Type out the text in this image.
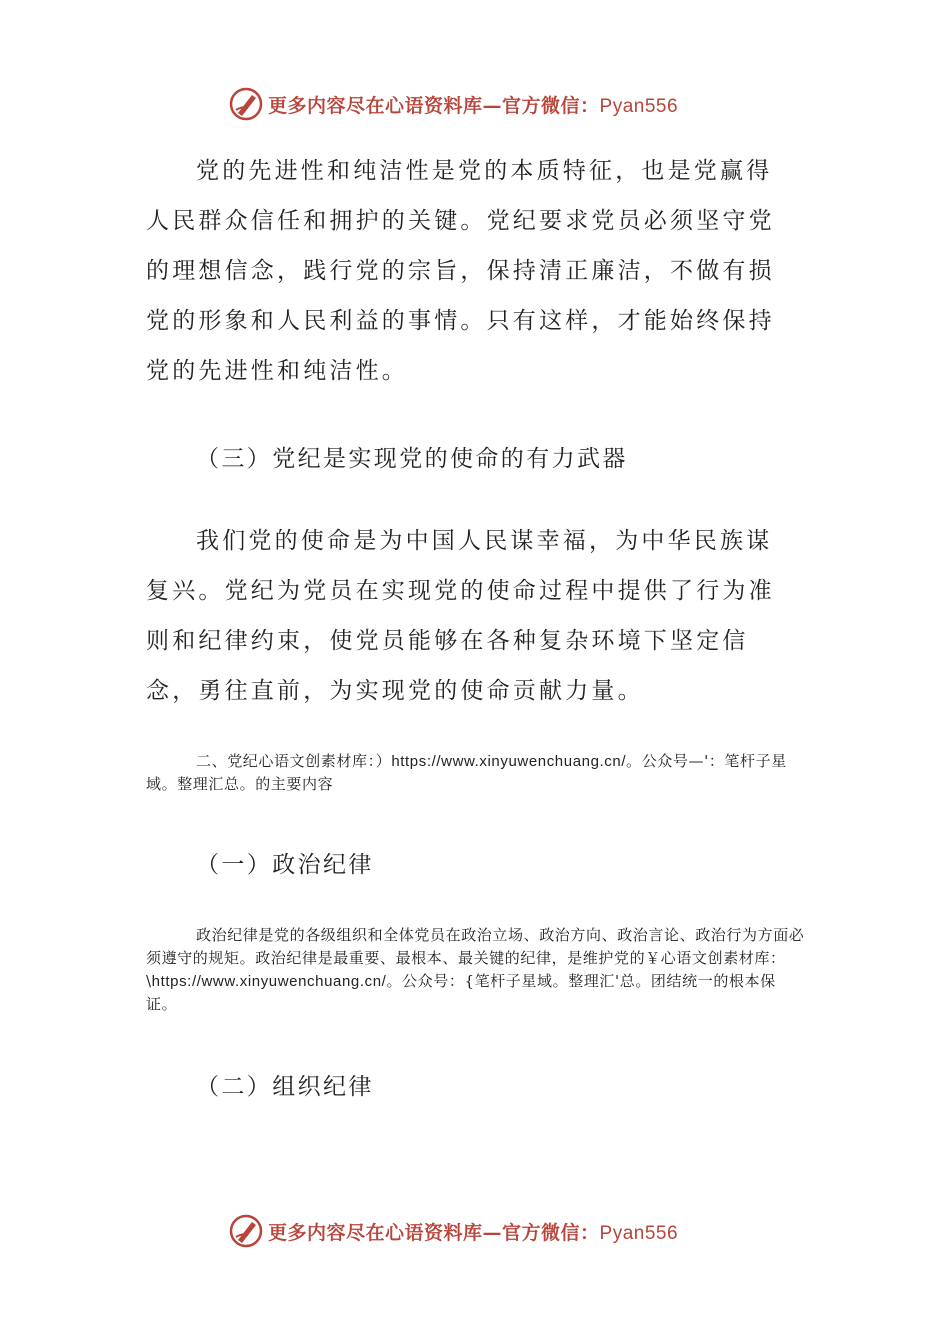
更多内容尽在心语资料库—官方微信：Pyan556

党的先进性和纯洁性是党的本质特征，也是党赢得人民群众信任和拥护的关键。党纪要求党员必须坚守党的理想信念，践行党的宗旨，保持清正廉洁，不做有损党的形象和人民利益的事情。只有这样，才能始终保持党的先进性和纯洁性。

（三）党纪是实现党的使命的有力武器

我们党的使命是为中国人民谋幸福，为中华民族谋复兴。党纪为党员在实现党的使命过程中提供了行为准则和纪律约束，使党员能够在各种复杂环境下坚定信念，勇往直前，为实现党的使命贡献力量。

二、党纪心语文创素材库：）https://www.xinyuwenchuang.cn/。公众号—'：笔杆子星域。整理汇总。的主要内容

（一）政治纪律

政治纪律是党的各级组织和全体党员在政治立场、政治方向、政治言论、政治行为方面必须遵守的规矩。政治纪律是最重要、最根本、最关键的纪律，是维护党的￥心语文创素材库：\https://www.xinyuwenchuang.cn/。公众号：{笔杆子星域。整理汇'总。团结统一的根本保证。

（二）组织纪律

更多内容尽在心语资料库—官方微信：Pyan556
